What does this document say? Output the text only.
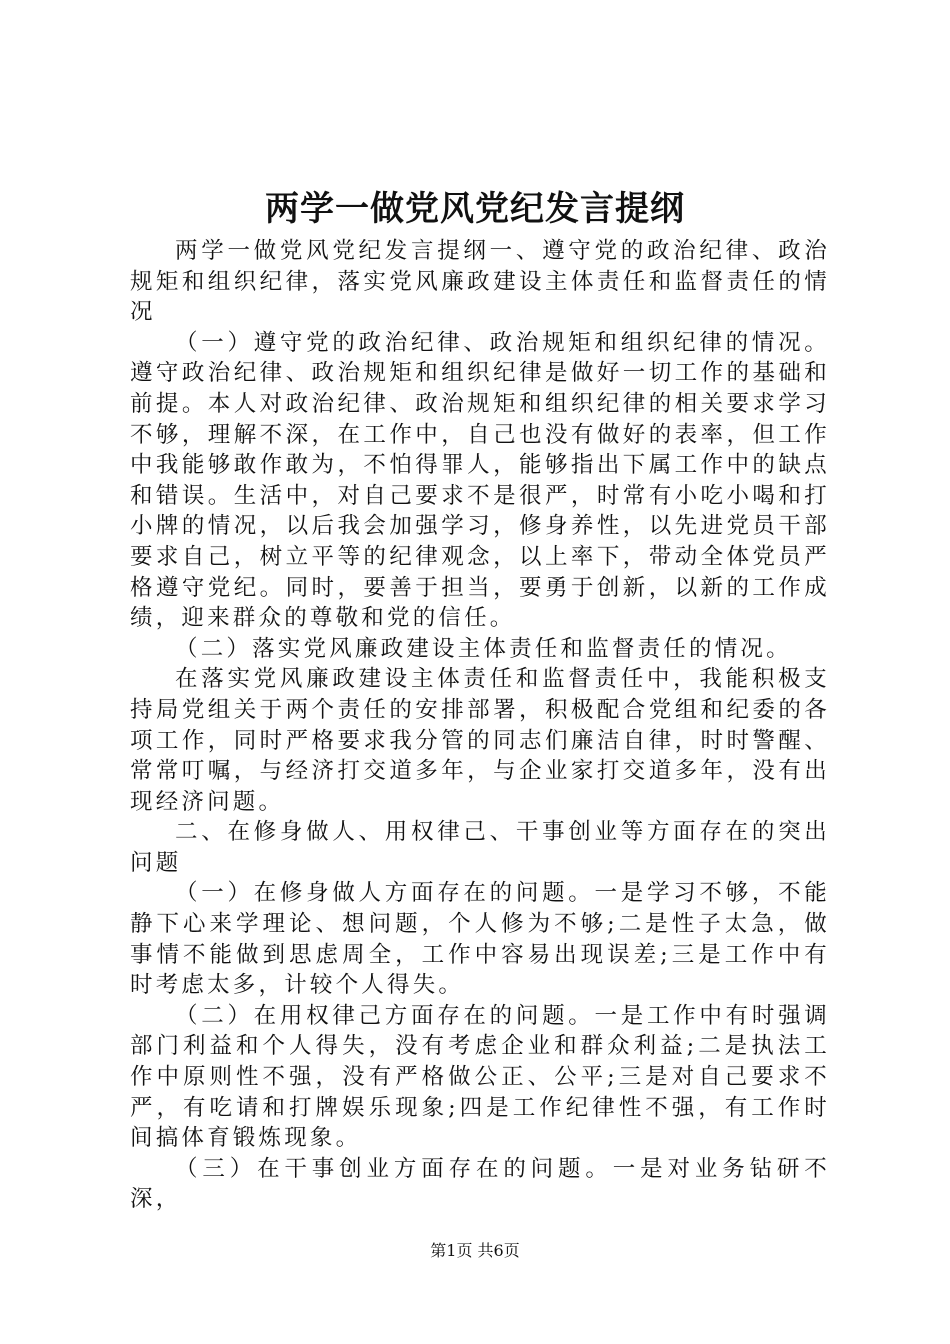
两学一做党风党纪发言提纲

两学一做党风党纪发言提纲一、遵守党的政治纪律、政治规矩和组织纪律，落实党风廉政建设主体责任和监督责任的情况

（一）遵守党的政治纪律、政治规矩和组织纪律的情况。遵守政治纪律、政治规矩和组织纪律是做好一切工作的基础和前提。本人对政治纪律、政治规矩和组织纪律的相关要求学习不够，理解不深，在工作中，自己也没有做好的表率，但工作中我能够敢作敢为，不怕得罪人，能够指出下属工作中的缺点和错误。生活中，对自己要求不是很严，时常有小吃小喝和打小牌的情况，以后我会加强学习，修身养性，以先进党员干部要求自己，树立平等的纪律观念，以上率下，带动全体党员严格遵守党纪。同时，要善于担当，要勇于创新，以新的工作成绩，迎来群众的尊敬和党的信任。

（二）落实党风廉政建设主体责任和监督责任的情况。

在落实党风廉政建设主体责任和监督责任中，我能积极支持局党组关于两个责任的安排部署，积极配合党组和纪委的各项工作，同时严格要求我分管的同志们廉洁自律，时时警醒、常常叮嘱，与经济打交道多年，与企业家打交道多年，没有出现经济问题。

二、在修身做人、用权律己、干事创业等方面存在的突出问题

（一）在修身做人方面存在的问题。一是学习不够，不能静下心来学理论、想问题，个人修为不够;二是性子太急，做事情不能做到思虑周全，工作中容易出现误差;三是工作中有时考虑太多，计较个人得失。

（二）在用权律己方面存在的问题。一是工作中有时强调部门利益和个人得失，没有考虑企业和群众利益;二是执法工作中原则性不强，没有严格做公正、公平;三是对自己要求不严，有吃请和打牌娱乐现象;四是工作纪律性不强，有工作时间搞体育锻炼现象。

（三）在干事创业方面存在的问题。一是对业务钻研不深，

第1页 共6页
